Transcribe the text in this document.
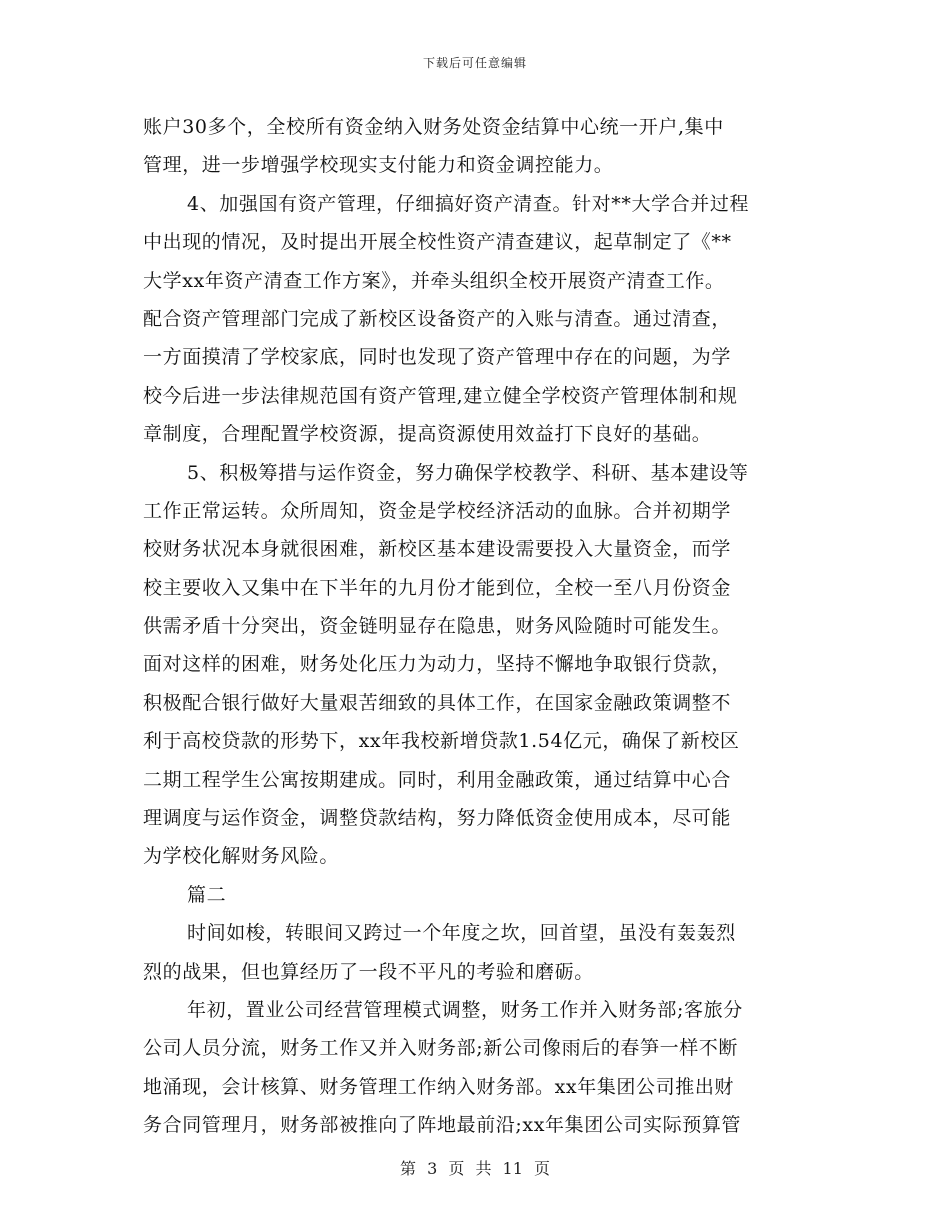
下载后可任意编辑
账户30多个，全校所有资金纳入财务处资金结算中心统一开户,集中
管理，进一步增强学校现实支付能力和资金调控能力。
4、加强国有资产管理，仔细搞好资产清查。针对**大学合并过程
中出现的情况，及时提出开展全校性资产清查建议，起草制定了《**
大学xx年资产清查工作方案》，并牵头组织全校开展资产清查工作。
配合资产管理部门完成了新校区设备资产的入账与清查。通过清查，
一方面摸清了学校家底，同时也发现了资产管理中存在的问题，为学
校今后进一步法律规范国有资产管理,建立健全学校资产管理体制和规
章制度，合理配置学校资源，提高资源使用效益打下良好的基础。
5、积极筹措与运作资金，努力确保学校教学、科研、基本建设等
工作正常运转。众所周知，资金是学校经济活动的血脉。合并初期学
校财务状况本身就很困难，新校区基本建设需要投入大量资金，而学
校主要收入又集中在下半年的九月份才能到位，全校一至八月份资金
供需矛盾十分突出，资金链明显存在隐患，财务风险随时可能发生。
面对这样的困难，财务处化压力为动力，坚持不懈地争取银行贷款，
积极配合银行做好大量艰苦细致的具体工作，在国家金融政策调整不
利于高校贷款的形势下，xx年我校新增贷款1.54亿元，确保了新校区
二期工程学生公寓按期建成。同时，利用金融政策，通过结算中心合
理调度与运作资金，调整贷款结构，努力降低资金使用成本，尽可能
为学校化解财务风险。
篇二
时间如梭，转眼间又跨过一个年度之坎，回首望，虽没有轰轰烈
烈的战果，但也算经历了一段不平凡的考验和磨砺。
年初，置业公司经营管理模式调整，财务工作并入财务部;客旅分
公司人员分流，财务工作又并入财务部;新公司像雨后的春笋一样不断
地涌现，会计核算、财务管理工作纳入财务部。xx年集团公司推出财
务合同管理月，财务部被推向了阵地最前沿;xx年集团公司实际预算管
第 3 页 共 11 页
